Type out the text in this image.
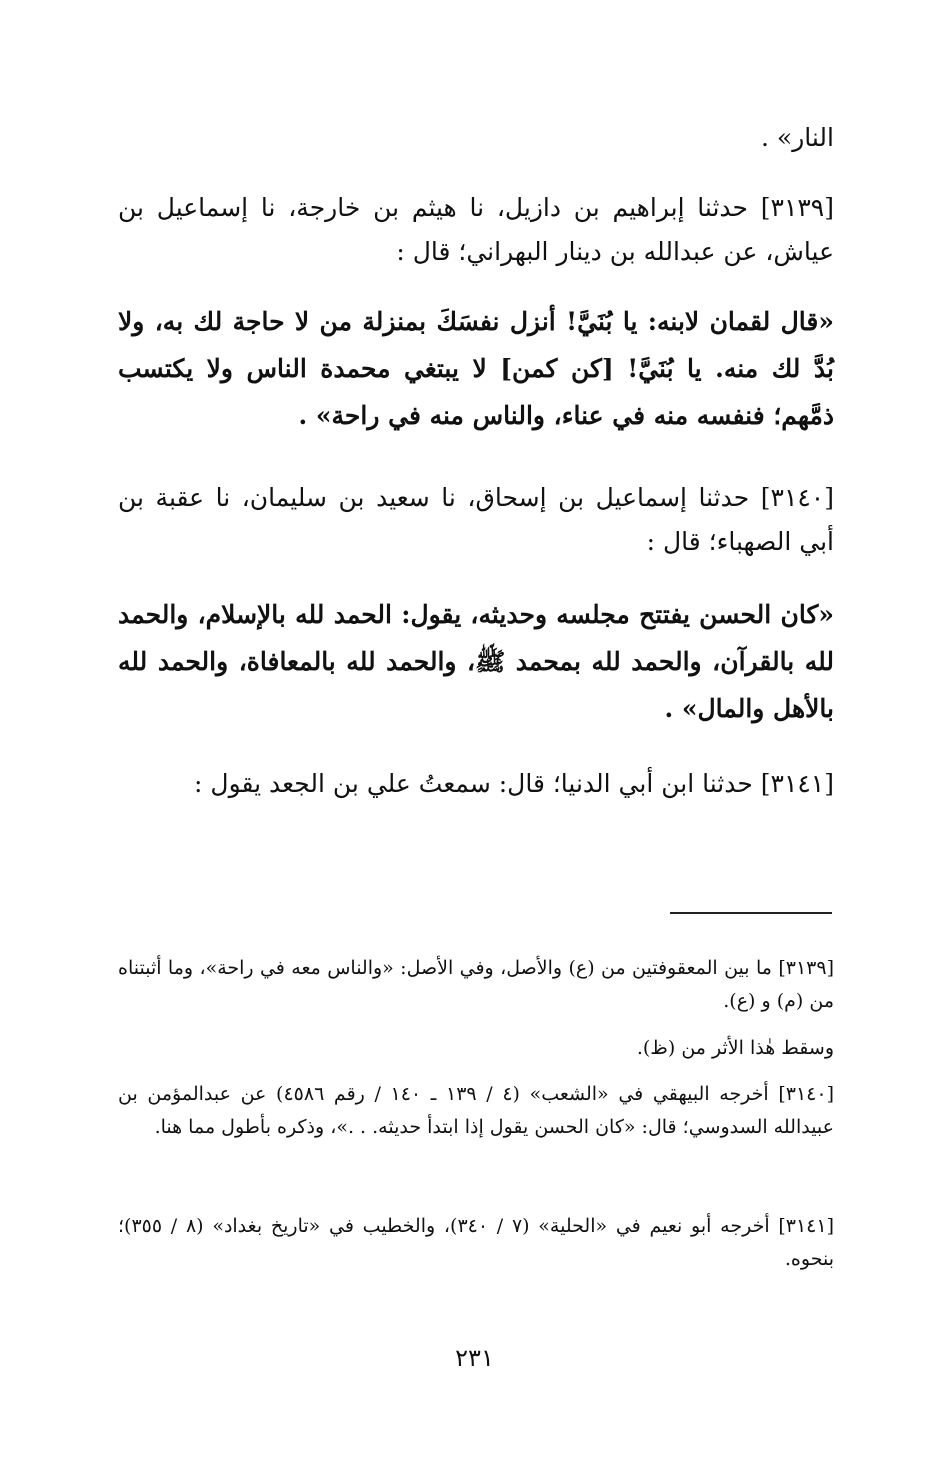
النار» .
[٣١٣٩] حدثنا إبراهيم بن دازيل، نا هيثم بن خارجة، نا إسماعيل بن عياش، عن عبدالله بن دينار البهراني؛ قال :
«قال لقمان لابنه: يا بُنَيَّ! أنزل نفسَكَ بمنزلة من لا حاجة لك به، ولا بُدَّ لك منه. يا بُنَيَّ! [كن كمن] لا يبتغي محمدة الناس ولا يكتسب ذمَّهم؛ فنفسه منه في عناء، والناس منه في راحة» .
[٣١٤٠] حدثنا إسماعيل بن إسحاق، نا سعيد بن سليمان، نا عقبة بن أبي الصهباء؛ قال :
«كان الحسن يفتتح مجلسه وحديثه، يقول: الحمد لله بالإسلام، والحمد لله بالقرآن، والحمد لله بمحمد ﷺ، والحمد لله بالمعافاة، والحمد لله بالأهل والمال» .
[٣١٤١] حدثنا ابن أبي الدنيا؛ قال: سمعتُ علي بن الجعد يقول :
[٣١٣٩] ما بين المعقوفتين من (ع) والأصل، وفي الأصل: «والناس معه في راحة»، وما أثبتناه من (م) و (ع).
وسقط هٰذا الأثر من (ظ).
[٣١٤٠] أخرجه البيهقي في «الشعب» (٤ / ١٣٩ ـ ١٤٠ / رقم ٤٥٨٦) عن عبدالمؤمن بن عبيدالله السدوسي؛ قال: «كان الحسن يقول إذا ابتدأ حديثه. . .»، وذكره بأطول مما هنا.
[٣١٤١] أخرجه أبو نعيم في «الحلية» (٧ / ٣٤٠)، والخطيب في «تاريخ بغداد» (٨ / ٣٥٥)؛ بنحوه.
٢٣١
